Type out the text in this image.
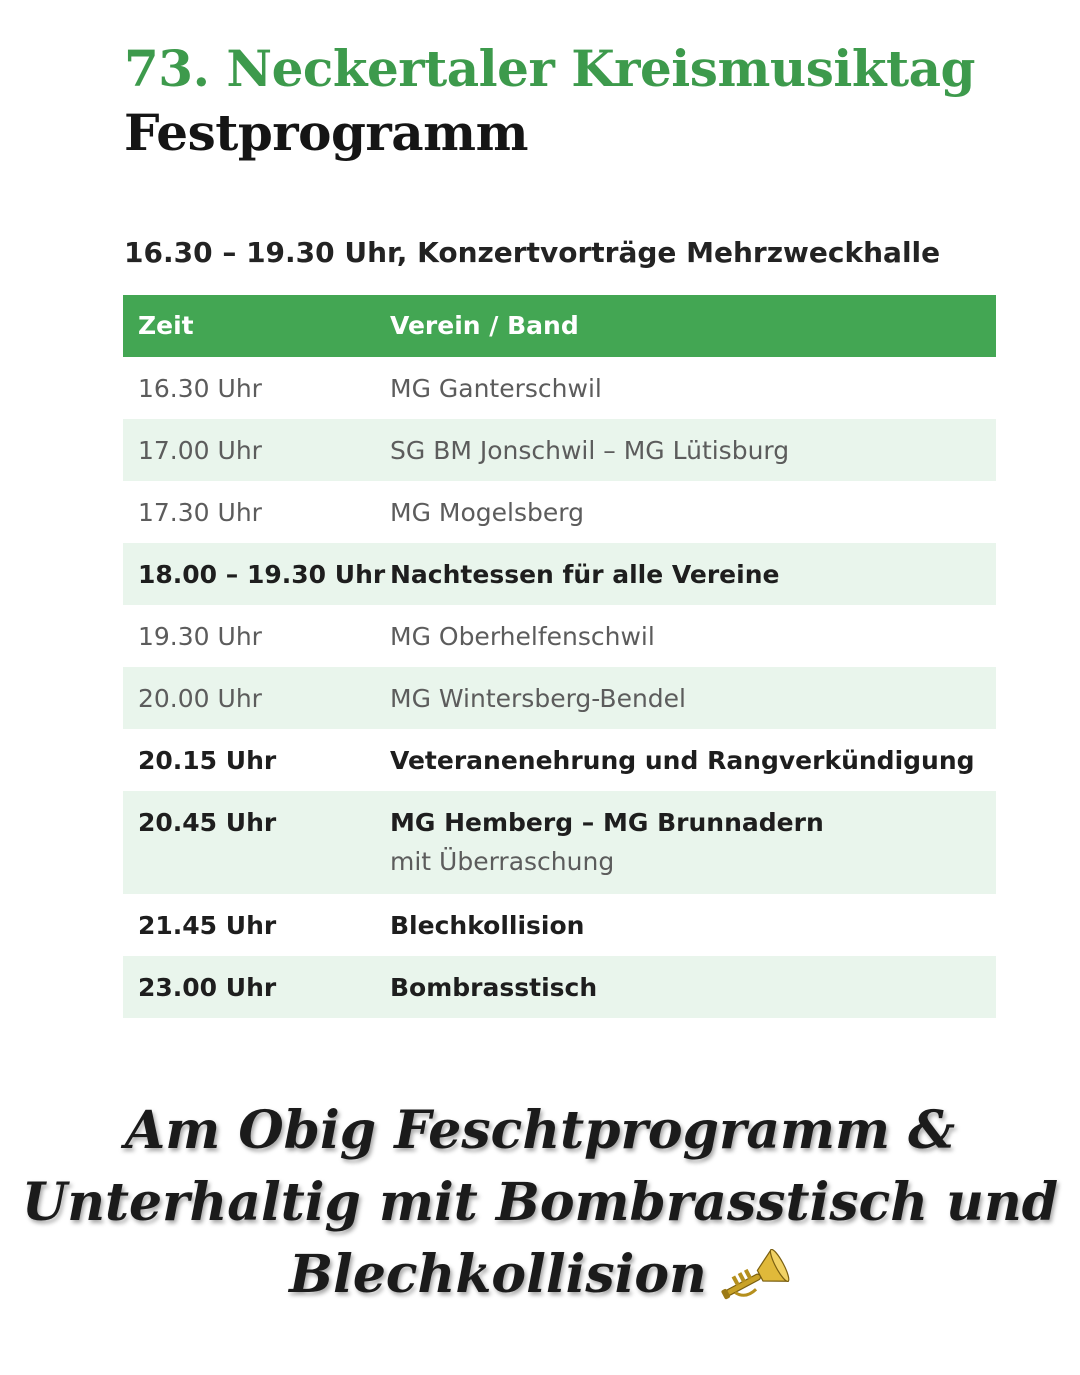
73. Neckertaler Kreismusiktag
Festprogramm
16.30 – 19.30 Uhr, Konzertvorträge Mehrzweckhalle
Zeit	Verein / Band
16.30 Uhr	MG Ganterschwil
17.00 Uhr	SG BM Jonschwil – MG Lütisburg
17.30 Uhr	MG Mogelsberg
18.00 – 19.30 Uhr Nachtessen für alle Vereine
19.30 Uhr	MG Oberhelfenschwil
20.00 Uhr	MG Wintersberg-Bendel
20.15 Uhr	Veteranenehrung und Rangverkündigung
20.45 Uhr	MG Hemberg – MG Brunnadern
mit Überraschung
21.45 Uhr	Blechkollision
23.00 Uhr	Bombrasstisch
Am Obig Feschtprogramm &
Unterhaltig mit Bombrasstisch und
Blechkollision
